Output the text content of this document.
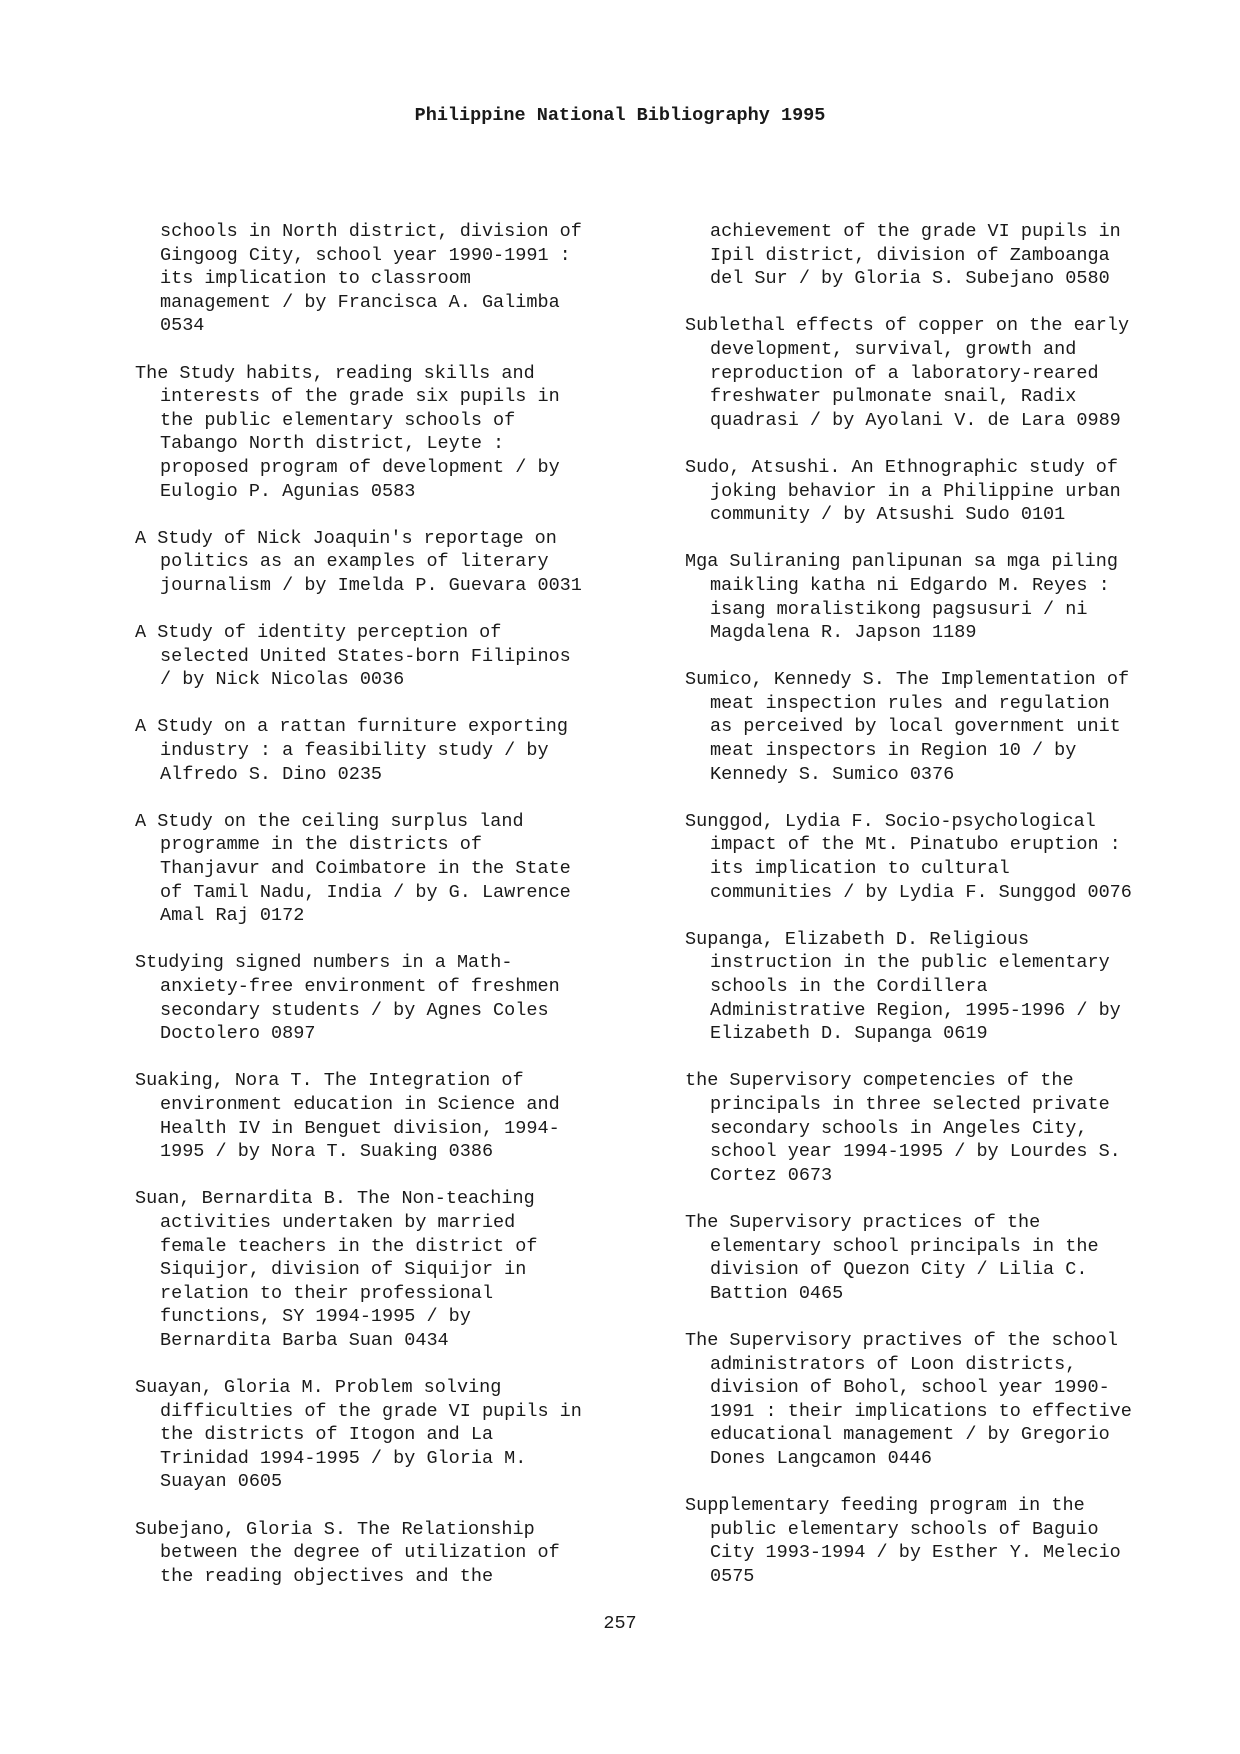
Philippine National Bibliography 1995

schools in North district, division of
Gingoog City, school year 1990-1991 :
its implication to classroom
management / by Francisca A. Galimba
0534

The Study habits, reading skills and
interests of the grade six pupils in
the public elementary schools of
Tabango North district, Leyte :
proposed program of development / by
Eulogio P. Agunias 0583

A Study of Nick Joaquin's reportage on
politics as an examples of literary
journalism / by Imelda P. Guevara 0031

A Study of identity perception of
selected United States-born Filipinos
/ by Nick Nicolas 0036

A Study on a rattan furniture exporting
industry : a feasibility study / by
Alfredo S. Dino 0235

A Study on the ceiling surplus land
programme in the districts of
Thanjavur and Coimbatore in the State
of Tamil Nadu, India / by G. Lawrence
Amal Raj 0172

Studying signed numbers in a Math-
anxiety-free environment of freshmen
secondary students / by Agnes Coles
Doctolero 0897

Suaking, Nora T. The Integration of
environment education in Science and
Health IV in Benguet division, 1994-
1995 / by Nora T. Suaking 0386

Suan, Bernardita B. The Non-teaching
activities undertaken by married
female teachers in the district of
Siquijor, division of Siquijor in
relation to their professional
functions, SY 1994-1995 / by
Bernardita Barba Suan 0434

Suayan, Gloria M. Problem solving
difficulties of the grade VI pupils in
the districts of Itogon and La
Trinidad 1994-1995 / by Gloria M.
Suayan 0605

Subejano, Gloria S. The Relationship
between the degree of utilization of
the reading objectives and the

achievement of the grade VI pupils in
Ipil district, division of Zamboanga
del Sur / by Gloria S. Subejano 0580

Sublethal effects of copper on the early
development, survival, growth and
reproduction of a laboratory-reared
freshwater pulmonate snail, Radix
quadrasi / by Ayolani V. de Lara 0989

Sudo, Atsushi. An Ethnographic study of
joking behavior in a Philippine urban
community / by Atsushi Sudo 0101

Mga Suliraning panlipunan sa mga piling
maikling katha ni Edgardo M. Reyes :
isang moralistikong pagsusuri / ni
Magdalena R. Japson 1189

Sumico, Kennedy S. The Implementation of
meat inspection rules and regulation
as perceived by local government unit
meat inspectors in Region 10 / by
Kennedy S. Sumico 0376

Sunggod, Lydia F. Socio-psychological
impact of the Mt. Pinatubo eruption :
its implication to cultural
communities / by Lydia F. Sunggod 0076

Supanga, Elizabeth D. Religious
instruction in the public elementary
schools in the Cordillera
Administrative Region, 1995-1996 / by
Elizabeth D. Supanga 0619

the Supervisory competencies of the
principals in three selected private
secondary schools in Angeles City,
school year 1994-1995 / by Lourdes S.
Cortez 0673

The Supervisory practices of the
elementary school principals in the
division of Quezon City / Lilia C.
Battion 0465

The Supervisory practives of the school
administrators of Loon districts,
division of Bohol, school year 1990-
1991 : their implications to effective
educational management / by Gregorio
Dones Langcamon 0446

Supplementary feeding program in the
public elementary schools of Baguio
City 1993-1994 / by Esther Y. Melecio
0575

257
